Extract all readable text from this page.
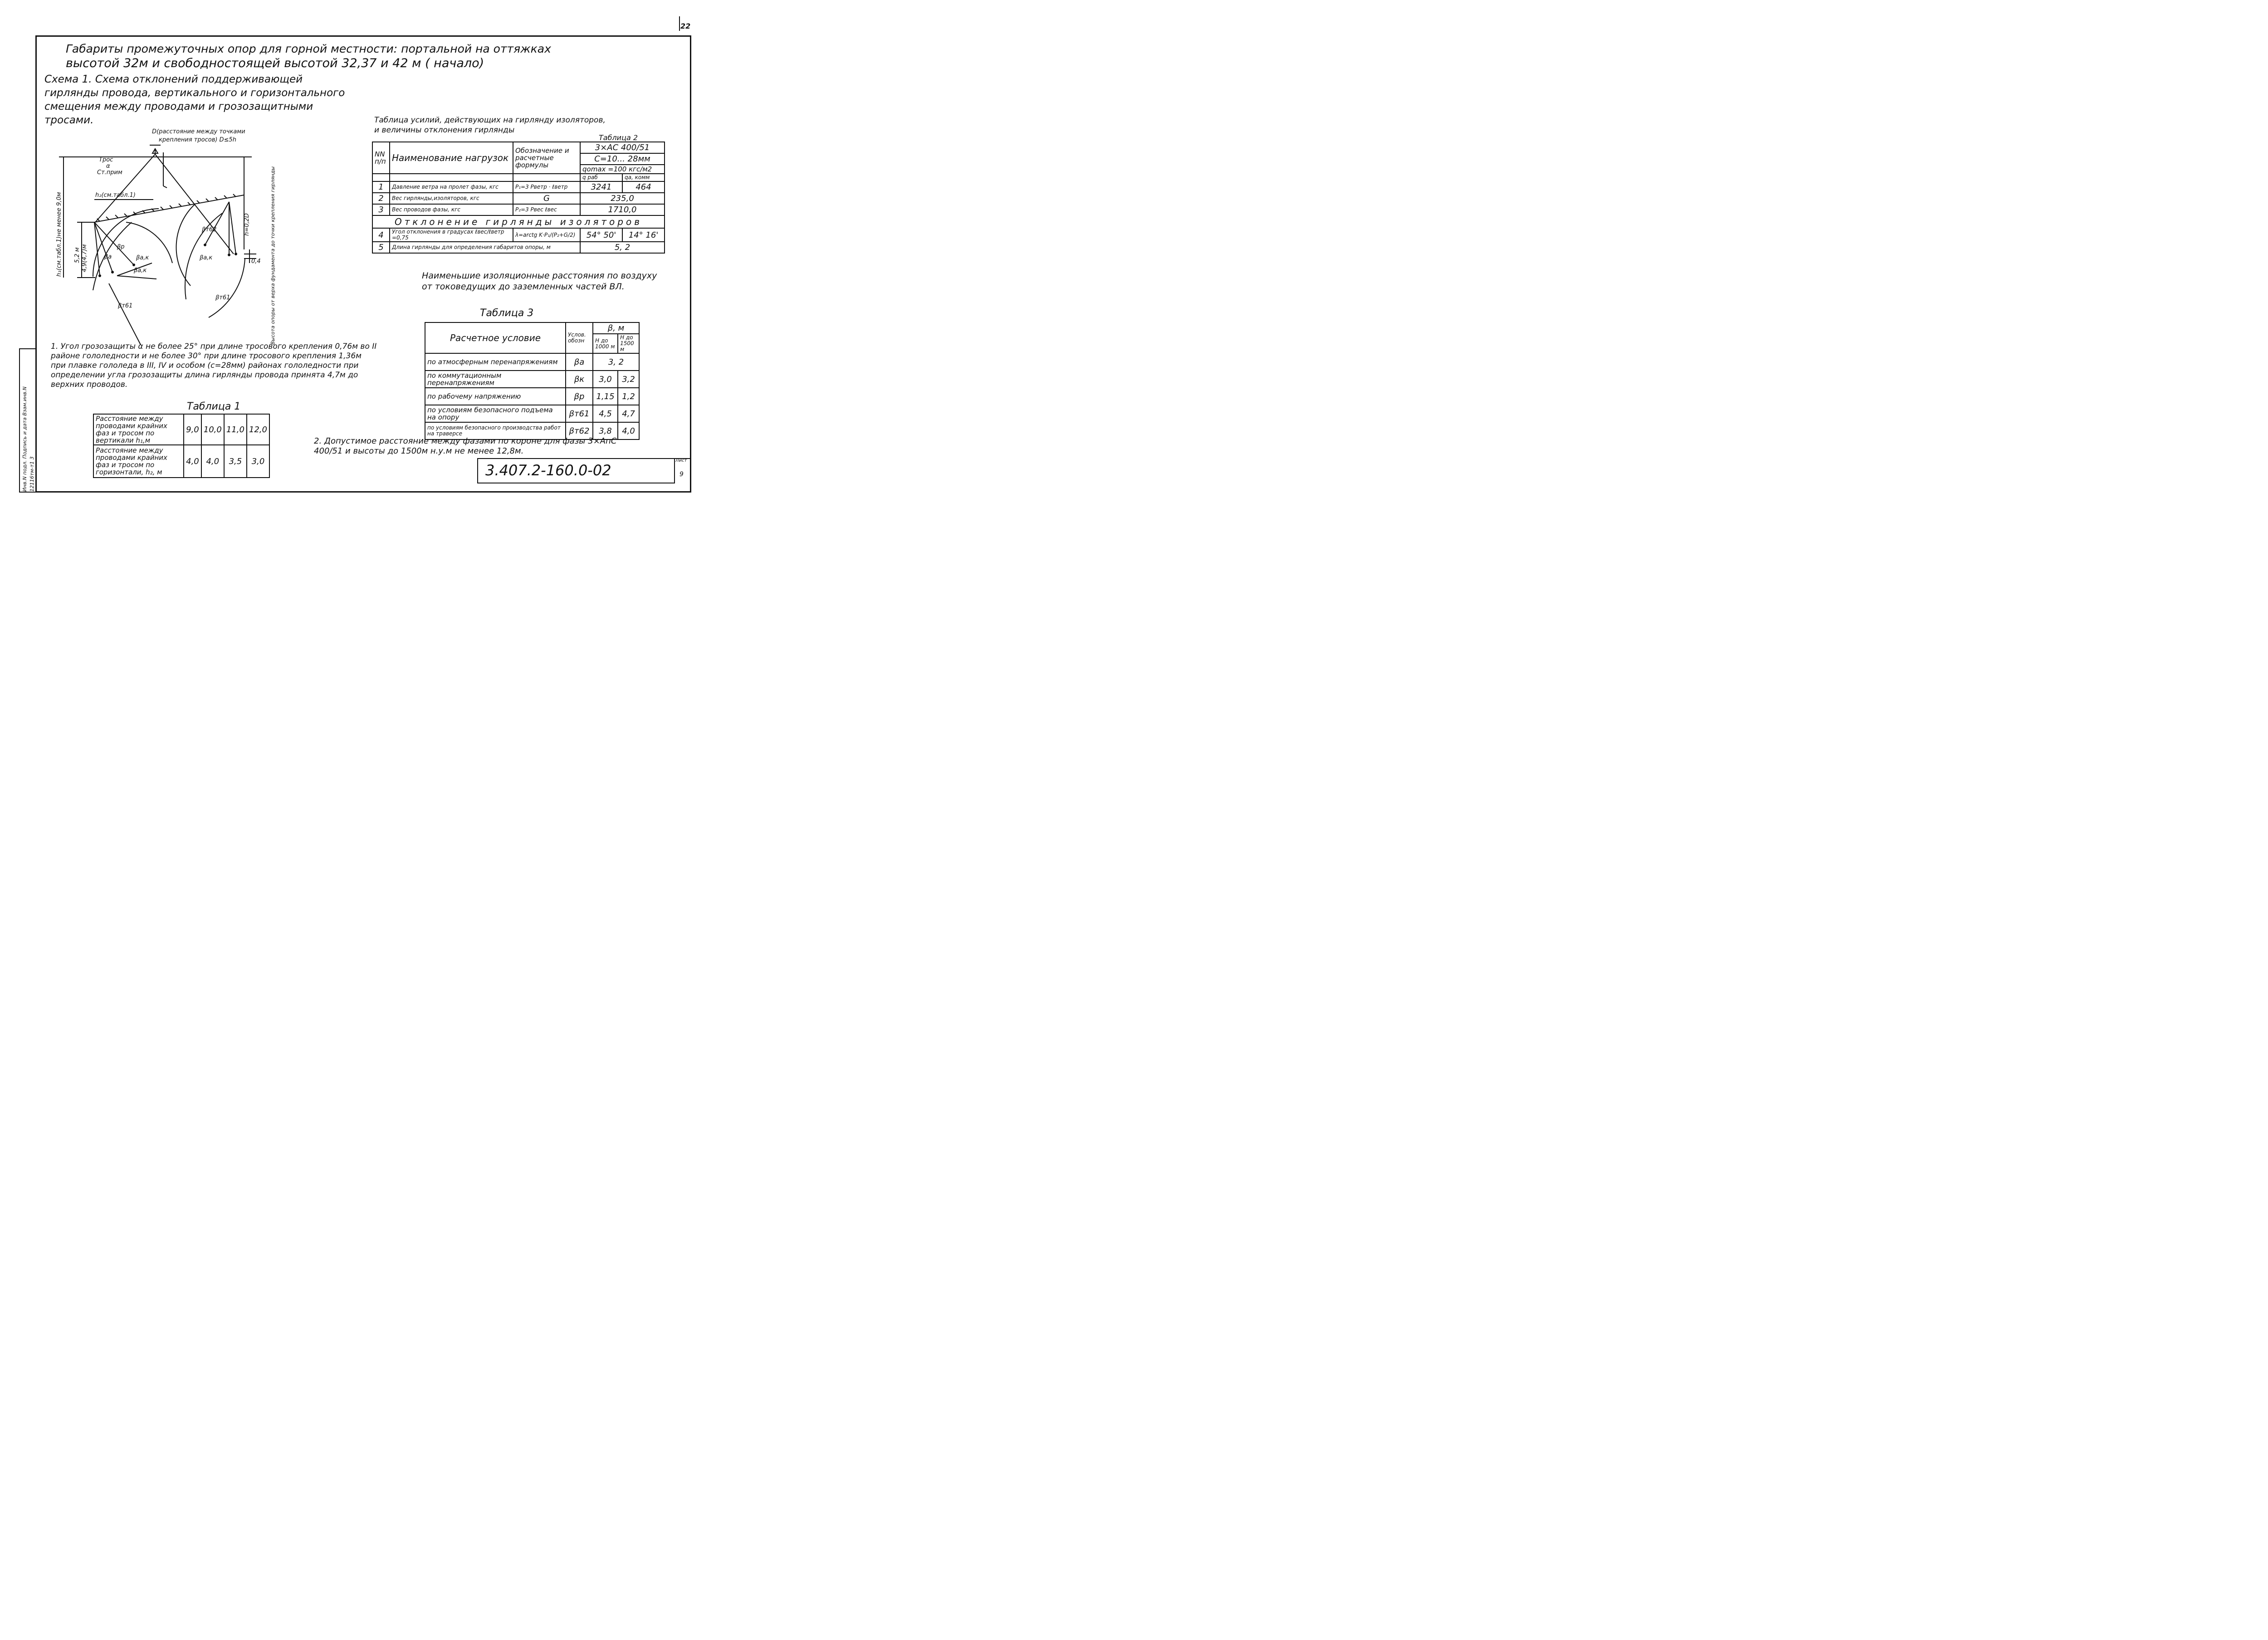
22
Габариты промежуточных опор для горной местности: портальной на оттяжках
высотой 32м и свободностоящей высотой 32,37 и 42 м ( начало)
Схема 1. Схема отклонений поддерживающей гирлянды провода, вертикального и горизонтального смещения между проводами и грозозащитными тросами.
Трос
α
Ст.прим
h₂(см.табл.1)
βр
βа	βа,к
βа,к
βт62
βа,к
βт61
βт61
0,4
D(расстояние между точками
крепления тросов) D≤5h
h=0,2D
h₁(см.табл.1)не менее 9,0м 5,2 м 4,9(4,7)м	Высота опоры от верха фундамента до точки крепления гирлянды
Таблица усилий, действующих на гирлянду изоляторов,
и величины отклонения гирлянды
Таблица 2
NN п/п	Наименование нагрузок	Обозначение и расчетные формулы	3×АС 400/51	
			С=10... 28мм	
			qomax =100 кгс/м2	
			q раб	qа, комм
1	Давление ветра на пролет фазы, кгс	P₁=3 Рветр · ℓветр	3241	464
2	Вес гирлянды,изоляторов, кгс	G	235,0	
3	Вес проводов фазы, кгс	P₂=3 Рвес ℓвес	1710,0	
Отклонение гирлянды изоляторов				
4	Угол отклонения в градусах ℓвес/ℓветр =0,75	λ=arctg K·P₁/(P₂+G/2)	54° 50'	14° 16'
5	Длина гирлянды для определения габаритов опоры, м		5, 2	
Наименьшие изоляционные расстояния по воздуху от токоведущих до заземленных частей ВЛ.
Таблица 3
Расчетное условие	Услов. обозн	β, м	
		Н до 1000 м	Н до 1500 м
по атмосферным перенапряжениям	βа	3, 2	
по коммутационным перенапряжениям	βк	3,0	3,2
по рабочему напряжению	βр	1,15	1,2
по условиям безопасного подъема на опору	βт61	4,5	4,7
по условиям безопасного производства работ на траверсе	βт62	3,8	4,0
1. Угол грозозащиты α не более 25° при длине тросового крепления 0,76м во II районе гололедности и не более 30° при длине тросового крепления 1,36м при плавке гололеда в III, IV и особом (с=28мм) районах гололедности при определении угла грозозащиты длина гирлянды провода принята 4,7м до верхних проводов.
Таблица 1
Расстояние между проводами крайних фаз и тросом по вертикали h₁,м	9,0	10,0	11,0	12,0
Расстояние между проводами крайних фаз и тросом по горизонтали, h₂, м	4,0	4,0	3,5	3,0
2. Допустимое расстояние между фазами по короне для фазы 3×АпС 400/51 и высоты до 1500м н.у.м не менее 12,8м.
3.407.2-160.0-02
Лист
9
Инв.N подл. Подпись и дата Взам.инв.N 12116тм-т1 3
